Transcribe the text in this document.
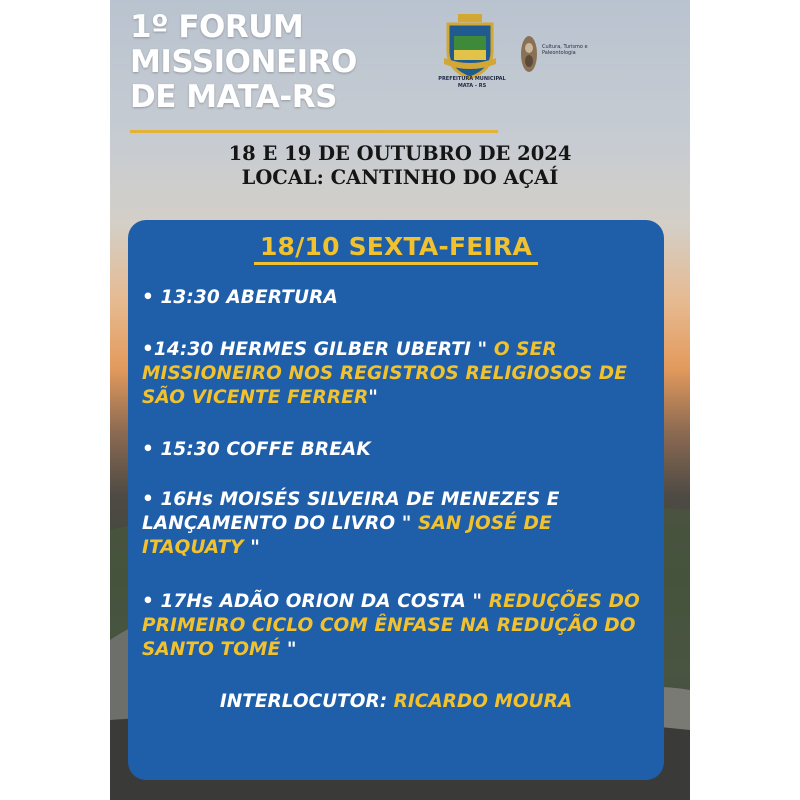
1º FORUM
MISSIONEIRO
DE MATA-RS	PREFEITURA MUNICIPAL
MATA - RS
Cultura, Turismo e
Paleontologia
18 E 19 DE OUTUBRO DE 2024
LOCAL: CANTINHO DO AÇAÍ
18/10 SEXTA-FEIRA
• 13:30 ABERTURA
•14:30 HERMES GILBER UBERTI " O SER MISSIONEIRO NOS REGISTROS RELIGIOSOS DE SÃO VICENTE FERRER"
• 15:30 COFFE BREAK
• 16Hs MOISÉS SILVEIRA DE MENEZES E LANÇAMENTO DO LIVRO " SAN JOSÉ DE ITAQUATY "
• 17Hs ADÃO ORION DA COSTA " REDUÇÕES DO PRIMEIRO CICLO COM ÊNFASE NA REDUÇÃO DO SANTO TOMÉ "
INTERLOCUTOR: RICARDO MOURA
